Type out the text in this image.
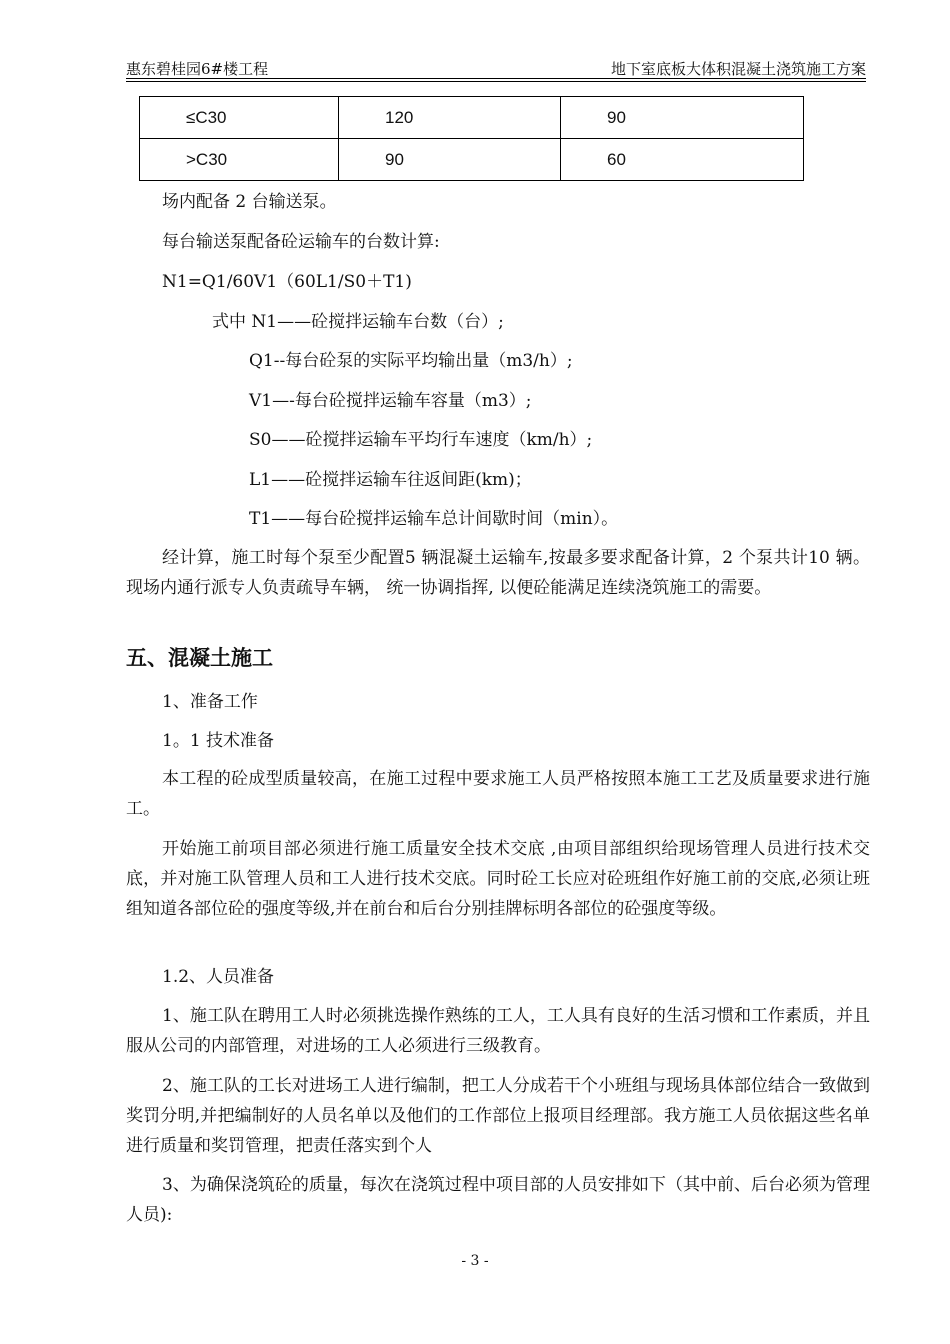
惠东碧桂园6#楼工程	地下室底板大体积混凝土浇筑施工方案
≤C30	120	90
>C30	90	60
场内配备 2 台输送泵。
每台输送泵配备砼运输车的台数计算:
N1=Q1/60V1（60L1/S0＋T1)
式中 N1——砼搅拌运输车台数（台）;
Q1--每台砼泵的实际平均输出量（m3/h）;
V1—-每台砼搅拌运输车容量（m3）;
S0——砼搅拌运输车平均行车速度（km/h）;
L1——砼搅拌运输车往返间距(km)；
T1——每台砼搅拌运输车总计间歇时间（min）。
经计算，施工时每个泵至少配置5 辆混凝土运输车,按最多要求配备计算，2 个泵共计10 辆。现场内通行派专人负责疏导车辆， 统一协调指挥, 以便砼能满足连续浇筑施工的需要。
五、混凝土施工
1、准备工作
1。1 技术准备
本工程的砼成型质量较高，在施工过程中要求施工人员严格按照本施工工艺及质量要求进行施工。
开始施工前项目部必须进行施工质量安全技术交底 ,由项目部组织给现场管理人员进行技术交底，并对施工队管理人员和工人进行技术交底。同时砼工长应对砼班组作好施工前的交底,必须让班组知道各部位砼的强度等级,并在前台和后台分别挂牌标明各部位的砼强度等级。
1.2、人员准备
1、施工队在聘用工人时必须挑选操作熟练的工人，工人具有良好的生活习惯和工作素质，并且服从公司的内部管理，对进场的工人必须进行三级教育。
2、施工队的工长对进场工人进行编制，把工人分成若干个小班组与现场具体部位结合一致做到奖罚分明,并把编制好的人员名单以及他们的工作部位上报项目经理部。我方施工人员依据这些名单进行质量和奖罚管理，把责任落实到个人
3、为确保浇筑砼的质量，每次在浇筑过程中项目部的人员安排如下（其中前、后台必须为管理人员):
- 3 -
